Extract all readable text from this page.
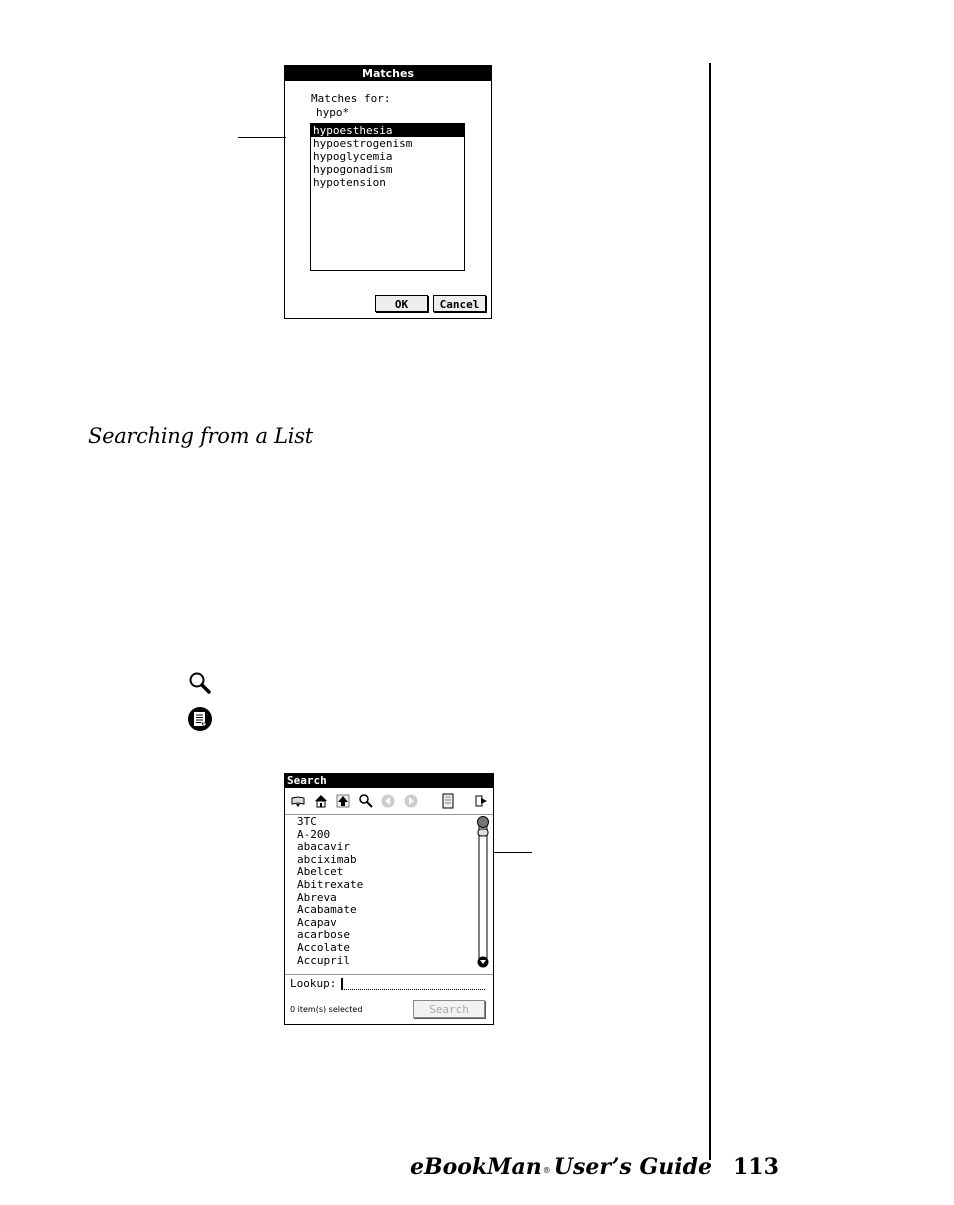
Matches
Matches for:
hypo*
hypoesthesia
hypoestrogenism
hypoglycemia
hypogonadism
hypotension
OK	Cancel
Searching from a List
Search
3TC
A-200
abacavir
abciximab
Abelcet
Abitrexate
Abreva
Acabamate
Acapav
acarbose
Accolate
Accupril
Lookup:
0 item(s) selected	Search
eBookMan® User’s Guide 113
